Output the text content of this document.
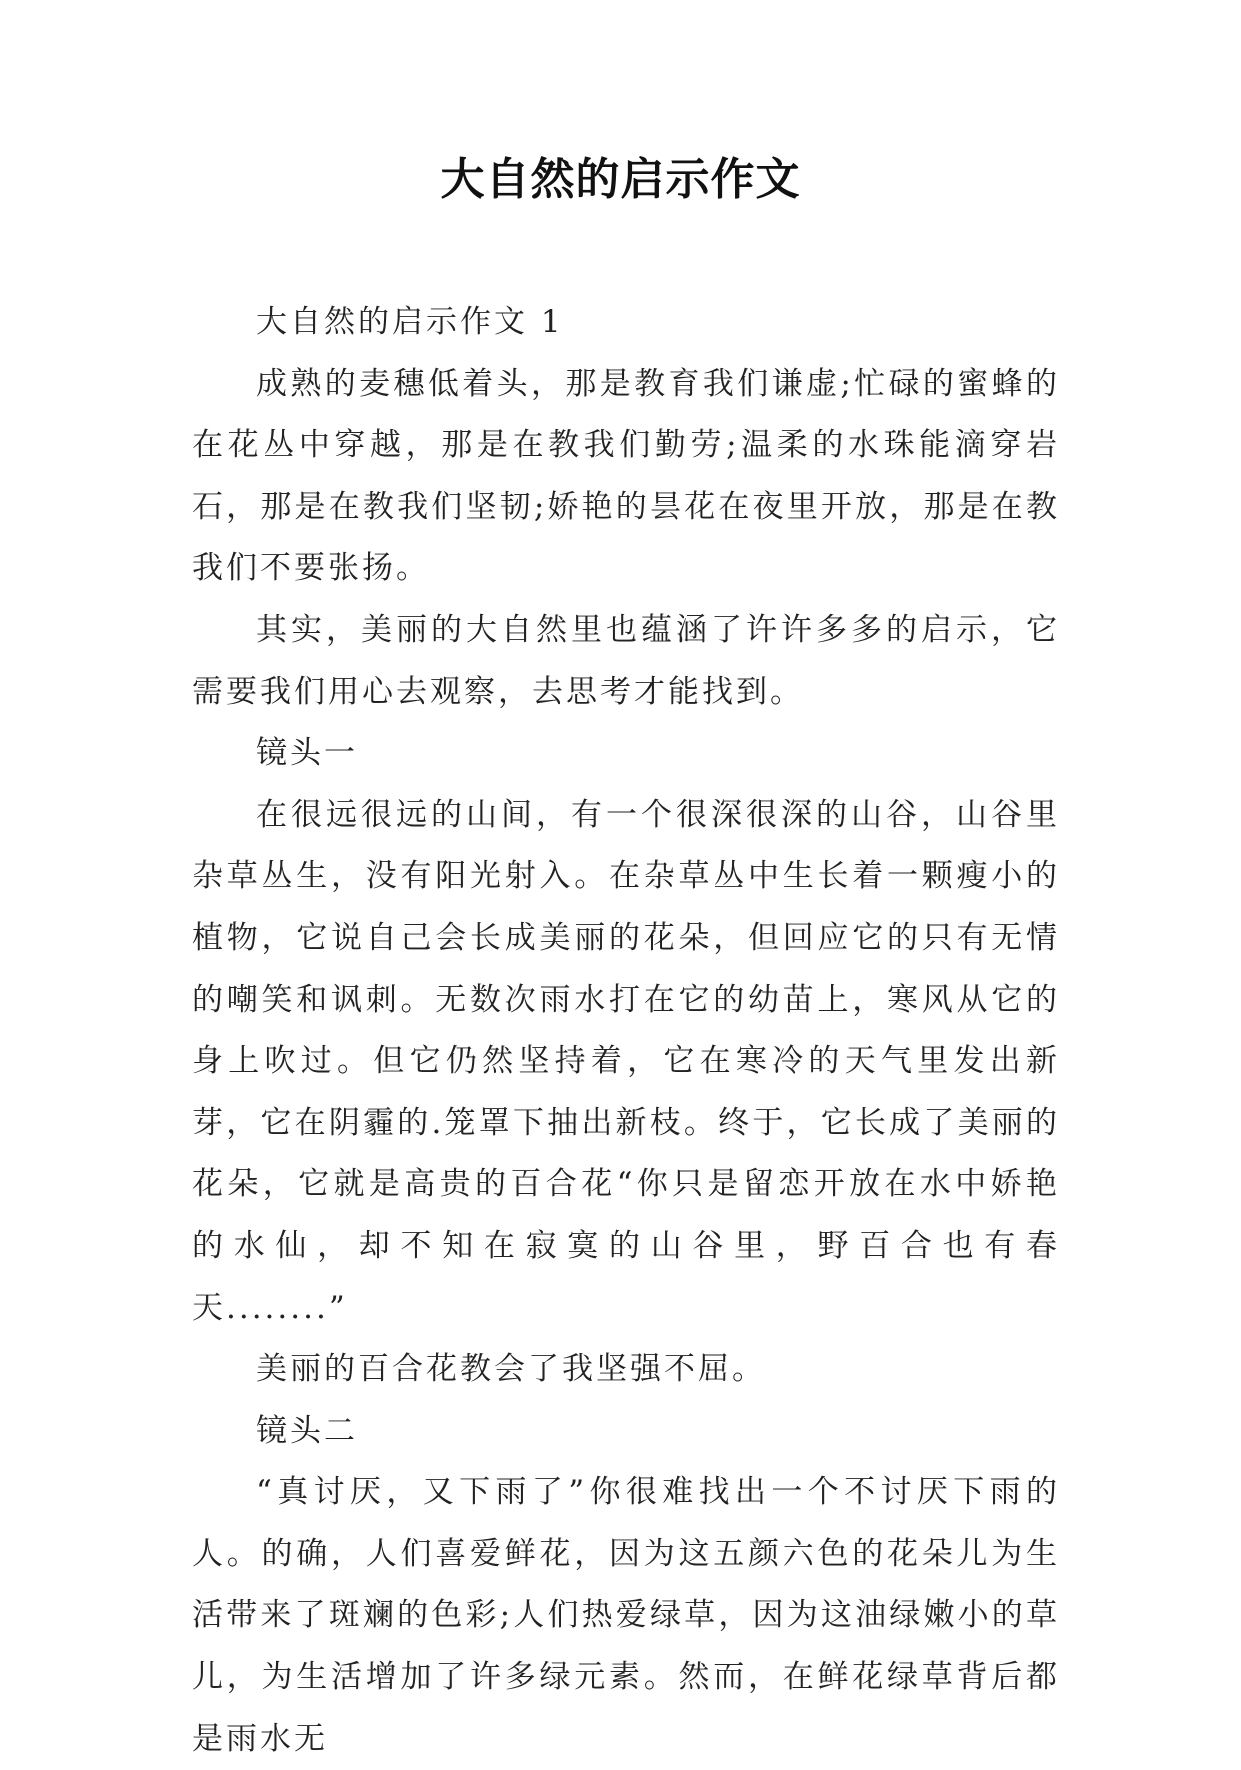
大自然的启示作文

大自然的启示作文 1

成熟的麦穗低着头，那是教育我们谦虚;忙碌的蜜蜂的在花丛中穿越，那是在教我们勤劳;温柔的水珠能滴穿岩石，那是在教我们坚韧;娇艳的昙花在夜里开放，那是在教我们不要张扬。

其实，美丽的大自然里也蕴涵了许许多多的启示，它需要我们用心去观察，去思考才能找到。

镜头一

在很远很远的山间，有一个很深很深的山谷，山谷里杂草丛生，没有阳光射入。在杂草丛中生长着一颗瘦小的植物，它说自己会长成美丽的花朵，但回应它的只有无情的嘲笑和讽刺。无数次雨水打在它的幼苗上，寒风从它的身上吹过。但它仍然坚持着，它在寒冷的天气里发出新芽，它在阴霾的.笼罩下抽出新枝。终于，它长成了美丽的花朵，它就是高贵的百合花“你只是留恋开放在水中娇艳的水仙，却不知在寂寞的山谷里，野百合也有春天........”

美丽的百合花教会了我坚强不屈。

镜头二

“真讨厌，又下雨了”你很难找出一个不讨厌下雨的人。的确，人们喜爱鲜花，因为这五颜六色的花朵儿为生活带来了斑斓的色彩;人们热爱绿草，因为这油绿嫩小的草儿，为生活增加了许多绿元素。然而，在鲜花绿草背后都是雨水无
